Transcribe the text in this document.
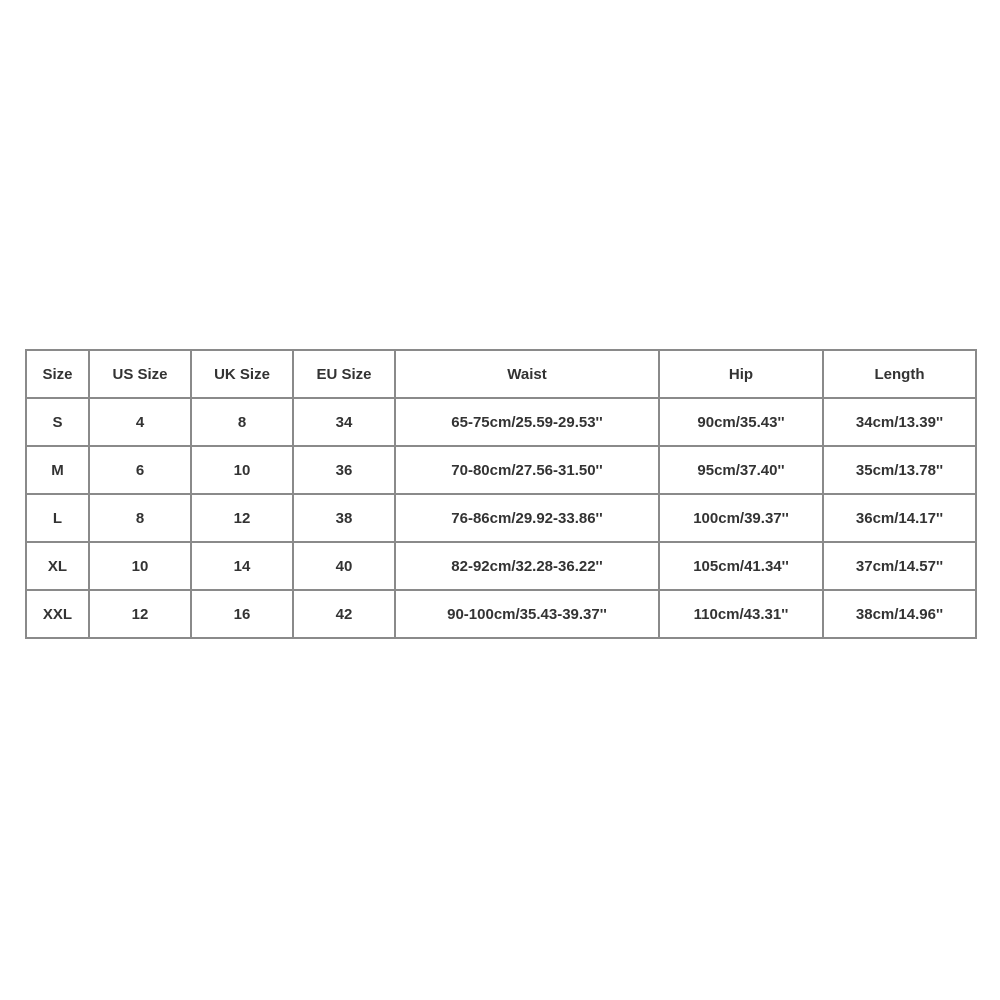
Size	US Size	UK Size	EU Size	Waist	Hip	Length
S	4	8	34	65-75cm/25.59-29.53''	90cm/35.43''	34cm/13.39''
M	6	10	36	70-80cm/27.56-31.50''	95cm/37.40''	35cm/13.78''
L	8	12	38	76-86cm/29.92-33.86''	100cm/39.37''	36cm/14.17''
XL	10	14	40	82-92cm/32.28-36.22''	105cm/41.34''	37cm/14.57''
XXL	12	16	42	90-100cm/35.43-39.37''	110cm/43.31''	38cm/14.96''
